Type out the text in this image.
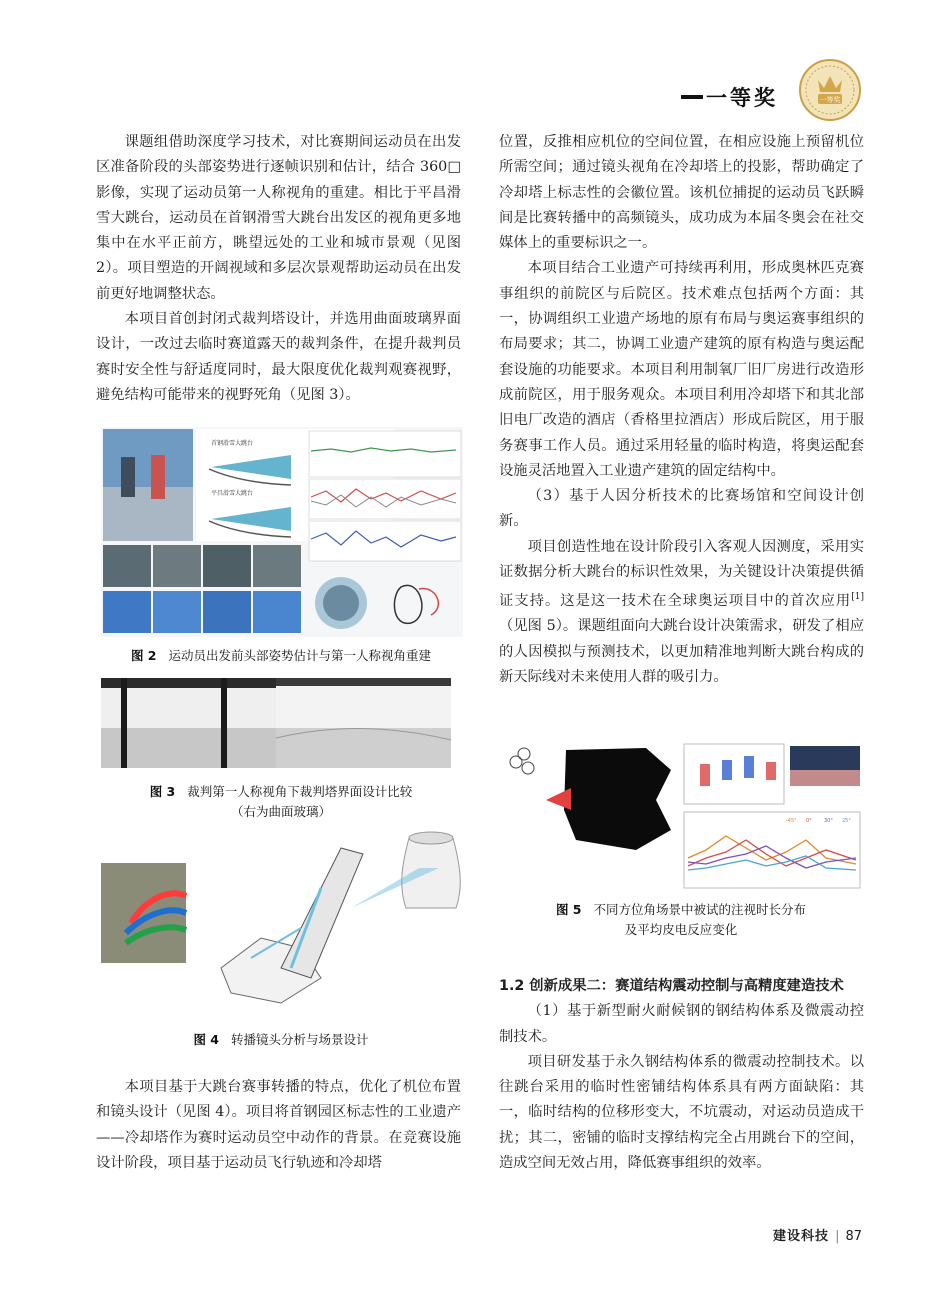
一等奖	一等奖

课题组借助深度学习技术，对比赛期间运动员在出发区准备阶段的头部姿势进行逐帧识别和估计，结合 360□ 影像，实现了运动员第一人称视角的重建。相比于平昌滑雪大跳台，运动员在首钢滑雪大跳台出发区的视角更多地集中在水平正前方，眺望远处的工业和城市景观（见图 2）。项目塑造的开阔视域和多层次景观帮助运动员在出发前更好地调整状态。

本项目首创封闭式裁判塔设计，并选用曲面玻璃界面设计，一改过去临时赛道露天的裁判条件，在提升裁判员赛时安全性与舒适度同时，最大限度优化裁判观赛视野，避免结构可能带来的视野死角（见图 3）。

首钢滑雪大跳台
平昌滑雪大跳台
图 2 运动员出发前头部姿势估计与第一人称视角重建
图 3 裁判第一人称视角下裁判塔界面设计比较
（右为曲面玻璃）
图 4 转播镜头分析与场景设计

本项目基于大跳台赛事转播的特点，优化了机位布置和镜头设计（见图 4）。项目将首钢园区标志性的工业遗产——冷却塔作为赛时运动员空中动作的背景。在竞赛设施设计阶段，项目基于运动员飞行轨迹和冷却塔

位置，反推相应机位的空间位置，在相应设施上预留机位所需空间；通过镜头视角在冷却塔上的投影，帮助确定了冷却塔上标志性的会徽位置。该机位捕捉的运动员飞跃瞬间是比赛转播中的高频镜头，成功成为本届冬奥会在社交媒体上的重要标识之一。

本项目结合工业遗产可持续再利用，形成奥林匹克赛事组织的前院区与后院区。技术难点包括两个方面：其一，协调组织工业遗产场地的原有布局与奥运赛事组织的布局要求；其二，协调工业遗产建筑的原有构造与奥运配套设施的功能要求。本项目利用制氧厂旧厂房进行改造形成前院区，用于服务观众。本项目利用冷却塔下和其北部旧电厂改造的酒店（香格里拉酒店）形成后院区，用于服务赛事工作人员。通过采用轻量的临时构造，将奥运配套设施灵活地置入工业遗产建筑的固定结构中。

（3）基于人因分析技术的比赛场馆和空间设计创新。

项目创造性地在设计阶段引入客观人因测度，采用实证数据分析大跳台的标识性效果，为关键设计决策提供循证支持。这是这一技术在全球奥运项目中的首次应用[1]（见图 5）。课题组面向大跳台设计决策需求，研发了相应的人因模拟与预测技术，以更加精准地判断大跳台构成的新天际线对未来使用人群的吸引力。

-45° 0° 30° 25°
图 5 不同方位角场景中被试的注视时长分布
及平均皮电反应变化

1.2 创新成果二：赛道结构震动控制与高精度建造技术

（1）基于新型耐火耐候钢的钢结构体系及微震动控制技术。

项目研发基于永久钢结构体系的微震动控制技术。以往跳台采用的临时性密铺结构体系具有两方面缺陷：其一，临时结构的位移形变大，不坑震动，对运动员造成干扰；其二，密铺的临时支撑结构完全占用跳台下的空间，造成空间无效占用，降低赛事组织的效率。

建设科技 | 87
